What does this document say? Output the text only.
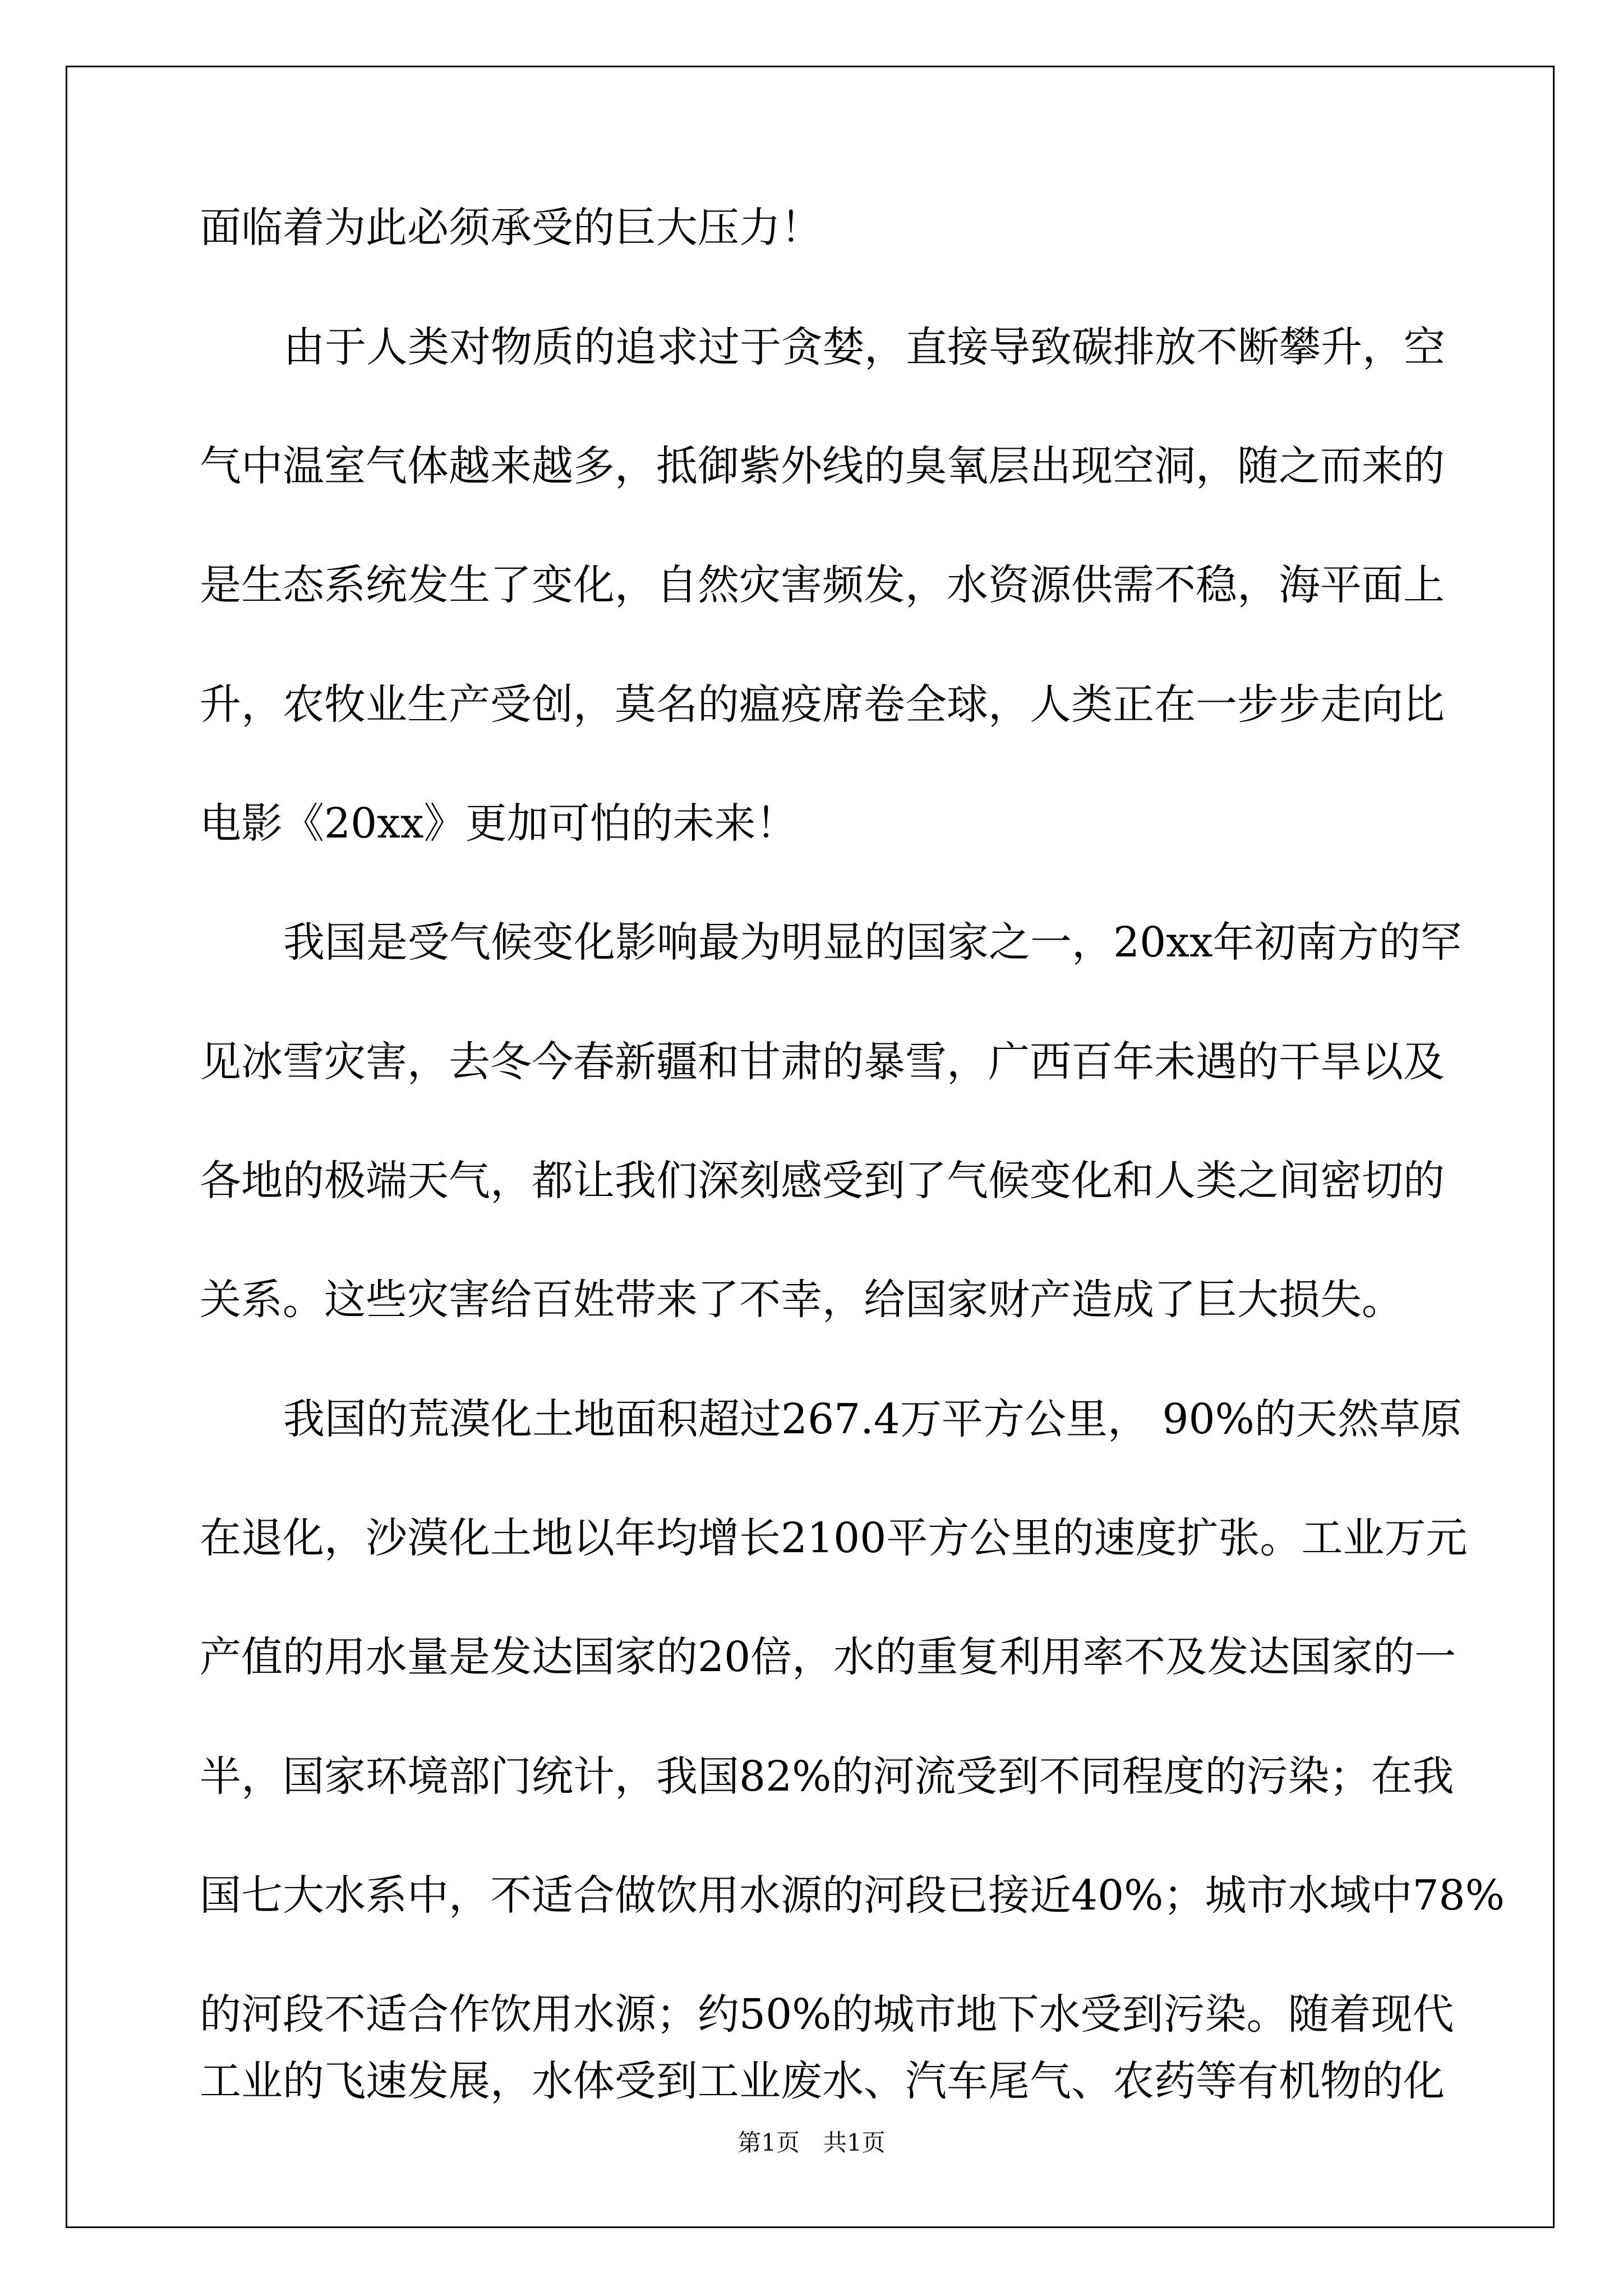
面临着为此必须承受的巨大压力！

由于人类对物质的追求过于贪婪，直接导致碳排放不断攀升，空

气中温室气体越来越多，抵御紫外线的臭氧层出现空洞，随之而来的

是生态系统发生了变化，自然灾害频发，水资源供需不稳，海平面上

升，农牧业生产受创，莫名的瘟疫席卷全球，人类正在一步步走向比

电影《20xx》更加可怕的未来！

我国是受气候变化影响最为明显的国家之一，20xx年初南方的罕

见冰雪灾害，去冬今春新疆和甘肃的暴雪，广西百年未遇的干旱以及

各地的极端天气，都让我们深刻感受到了气候变化和人类之间密切的

关系。这些灾害给百姓带来了不幸，给国家财产造成了巨大损失。

我国的荒漠化土地面积超过267.4万平方公里， 90%的天然草原

在退化，沙漠化土地以年均增长2100平方公里的速度扩张。工业万元

产值的用水量是发达国家的20倍，水的重复利用率不及发达国家的一

半，国家环境部门统计，我国82%的河流受到不同程度的污染；在我

国七大水系中，不适合做饮用水源的河段已接近40%；城市水域中78%

的河段不适合作饮用水源；约50%的城市地下水受到污染。随着现代

第1页　共1页

工业的飞速发展，水体受到工业废水、汽车尾气、农药等有机物的化
